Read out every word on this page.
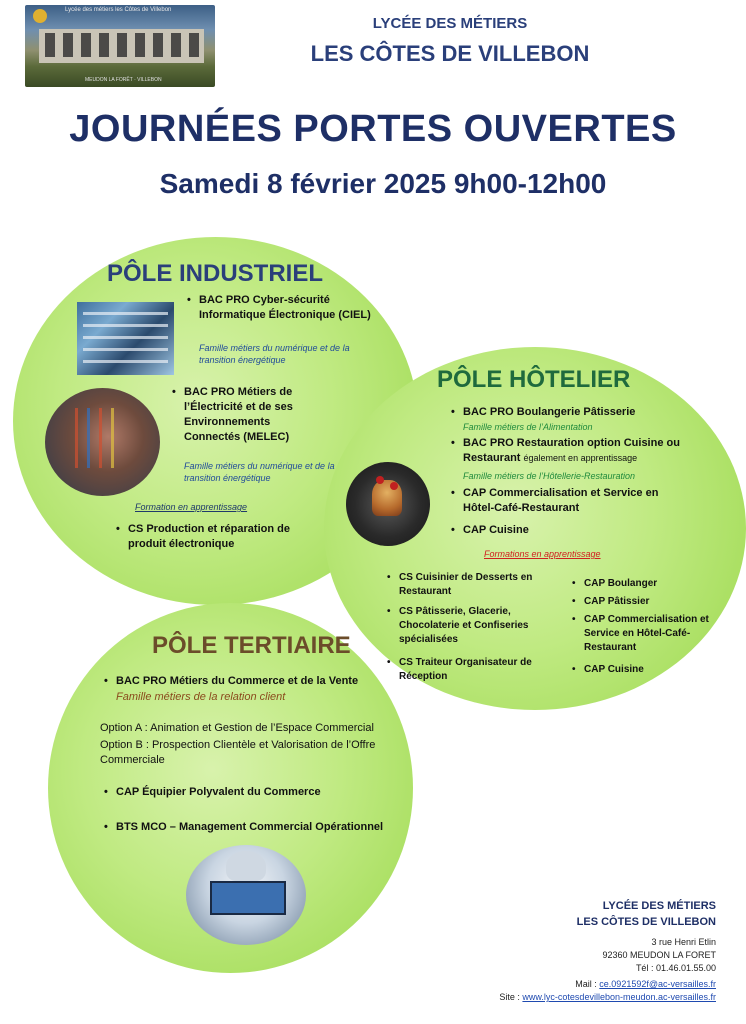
Lycée des métiers les Côtes de Villebon
MEUDON LA FORÊT · VILLEBON
LYCÉE DES MÉTIERS
LES CÔTES DE VILLEBON
JOURNÉES PORTES OUVERTES
Samedi 8 février 2025 9h00-12h00
PÔLE INDUSTRIEL
• BAC PRO Cyber-sécurité Informatique Électronique (CIEL)
Famille métiers du numérique et de la transition énergétique
• BAC PRO Métiers de l’Électricité et de ses Environnements Connectés (MELEC)
Famille métiers du numérique et de la transition énergétique
Formation en apprentissage
• CS Production et réparation de produit électronique
PÔLE HÔTELIER
• BAC PRO Boulangerie Pâtisserie
Famille métiers de l’Alimentation
• BAC PRO Restauration option Cuisine ou Restaurant également en apprentissage
Famille métiers de l’Hôtellerie-Restauration
• CAP Commercialisation et Service en Hôtel-Café-Restaurant
• CAP Cuisine
Formations en apprentissage
• CS Cuisinier de Desserts en Restaurant
• CS Pâtisserie, Glacerie, Chocolaterie et Confiseries spécialisées
• CS Traiteur Organisateur de Réception
• CAP Boulanger
• CAP Pâtissier
• CAP Commercialisation et Service en Hôtel-Café-Restaurant
• CAP Cuisine
PÔLE TERTIAIRE
• BAC PRO Métiers du Commerce et de la Vente
Famille métiers de la relation client
Option A : Animation et Gestion de l’Espace Commercial
Option B : Prospection Clientèle et Valorisation de l’Offre Commerciale
• CAP Équipier Polyvalent du Commerce
• BTS MCO – Management Commercial Opérationnel
LYCÉE DES MÉTIERS
LES CÔTES DE VILLEBON
3 rue Henri Etlin
92360 MEUDON LA FORET
Tél : 01.46.01.55.00
Mail : ce.0921592f@ac-versailles.fr
Site : www.lyc-cotesdevillebon-meudon.ac-versailles.fr
